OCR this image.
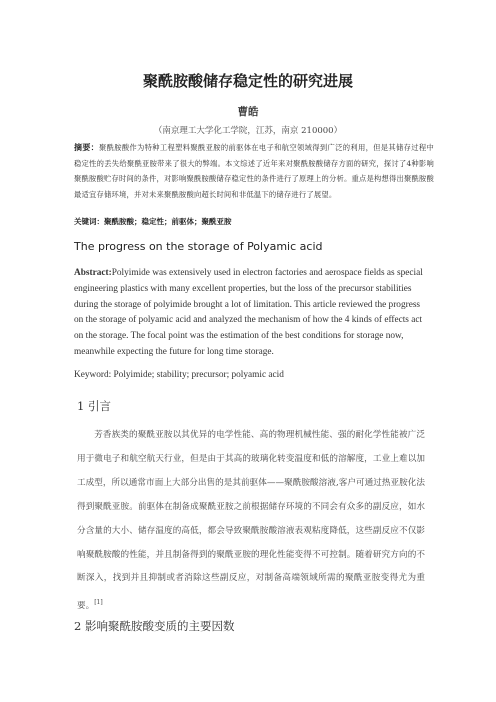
聚酰胺酸储存稳定性的研究进展
曹皓
（南京理工大学化工学院，江苏，南京 210000）
摘要：聚酰胺酸作为特种工程塑料聚酰亚胺的前驱体在电子和航空领域得到广泛的利用，但是其储存过程中稳定性的丢失给聚酰亚胺带来了很大的弊端。本文综述了近年来对聚酰胺酸储存方面的研究，探讨了4种影响聚酰胺酸贮存时间的条件，对影响聚酰胺酸储存稳定性的条件进行了原理上的分析。重点是构想得出聚酰胺酸最适宜存储环境，并对未来聚酰胺酸向超长时间和非低温下的储存进行了展望。
关键词：聚酰胺酸；稳定性；前驱体；聚酰亚胺
The progress on the storage of Polyamic acid
Abstract:Polyimide was extensively used in electron factories and aerospace fields as special engineering plastics with many excellent properties, but the loss of the precursor stabilities during the storage of polyimide brought a lot of limitation. This article reviewed the progress on the storage of polyamic acid and analyzed the mechanism of how the 4 kinds of effects act on the storage. The focal point was the estimation of the best conditions for storage now, meanwhile expecting the future for long time storage.
Keyword: Polyimide; stability; precursor; polyamic acid
1 引言
芳香族类的聚酰亚胺以其优异的电学性能、高的物理机械性能、强的耐化学性能被广泛用于微电子和航空航天行业，但是由于其高的玻璃化转变温度和低的溶解度，工业上难以加工成型，所以通常市面上大部分出售的是其前驱体——聚酰胺酸溶液,客户可通过热亚胺化法得到聚酰亚胺。前驱体在制备成聚酰亚胺之前根据储存环境的不同会有众多的副反应，如水分含量的大小、储存温度的高低，都会导致聚酰胺酸溶液表观粘度降低，这些副反应不仅影响聚酰胺酸的性能，并且制备得到的聚酰亚胺的理化性能变得不可控制。随着研究方向的不断深入，找到并且抑制或者消除这些副反应，对制备高端领域所需的聚酰亚胺变得尤为重要。[1]
2 影响聚酰胺酸变质的主要因数
